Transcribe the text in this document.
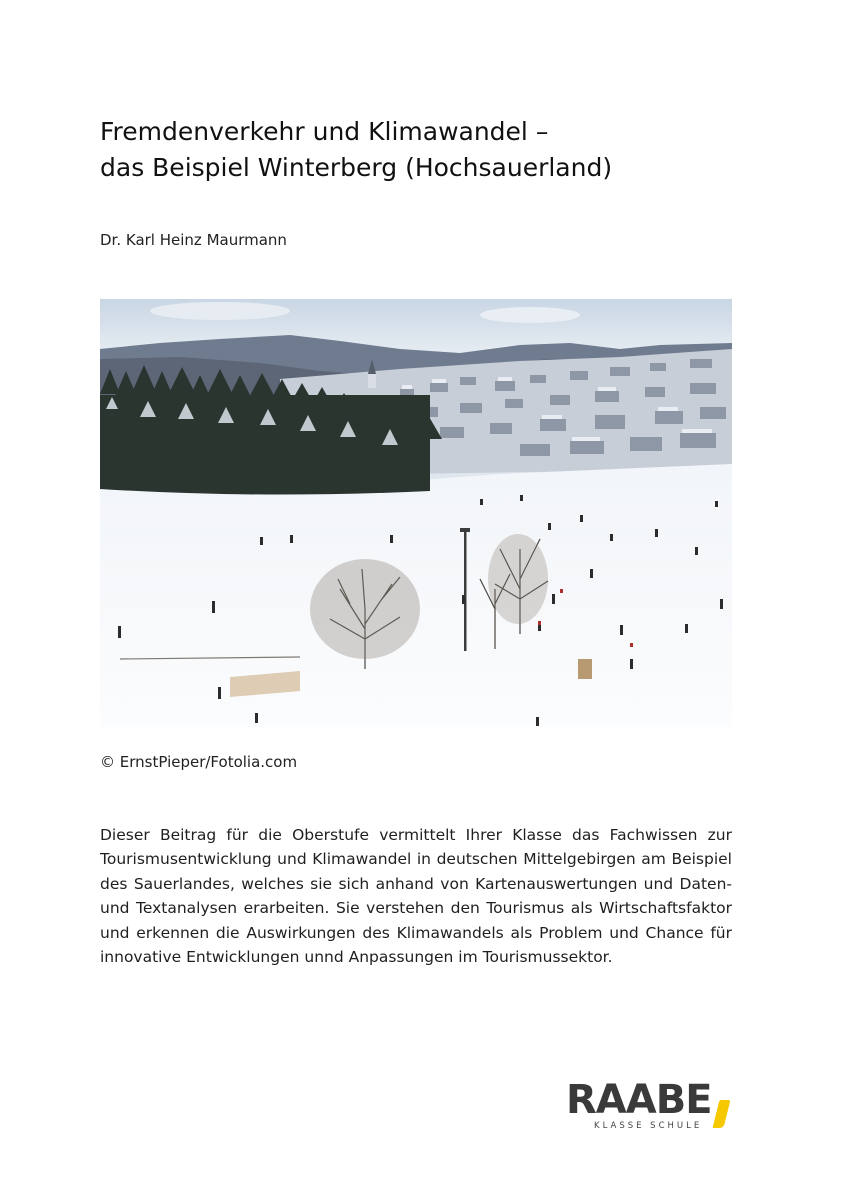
Fremdenverkehr und Klimawandel –
das Beispiel Winterberg (Hochsauerland)
Dr. Karl Heinz Maurmann
© ErnstPieper/Fotolia.com

Dieser Beitrag für die Oberstufe vermittelt Ihrer Klasse das Fachwissen zur Tourismusentwicklung und Klimawandel in deutschen Mittelgebirgen am Beispiel des Sauerlandes, welches sie sich anhand von Kartenauswertungen und Daten- und Textanalysen erarbeiten. Sie verstehen den Tourismus als Wirtschaftsfaktor und erkennen die Auswirkungen des Klimawandels als Problem und Chance für innovative Entwicklungen unnd Anpassungen im Tourismussektor.

RAABE
KLASSE SCHULE
